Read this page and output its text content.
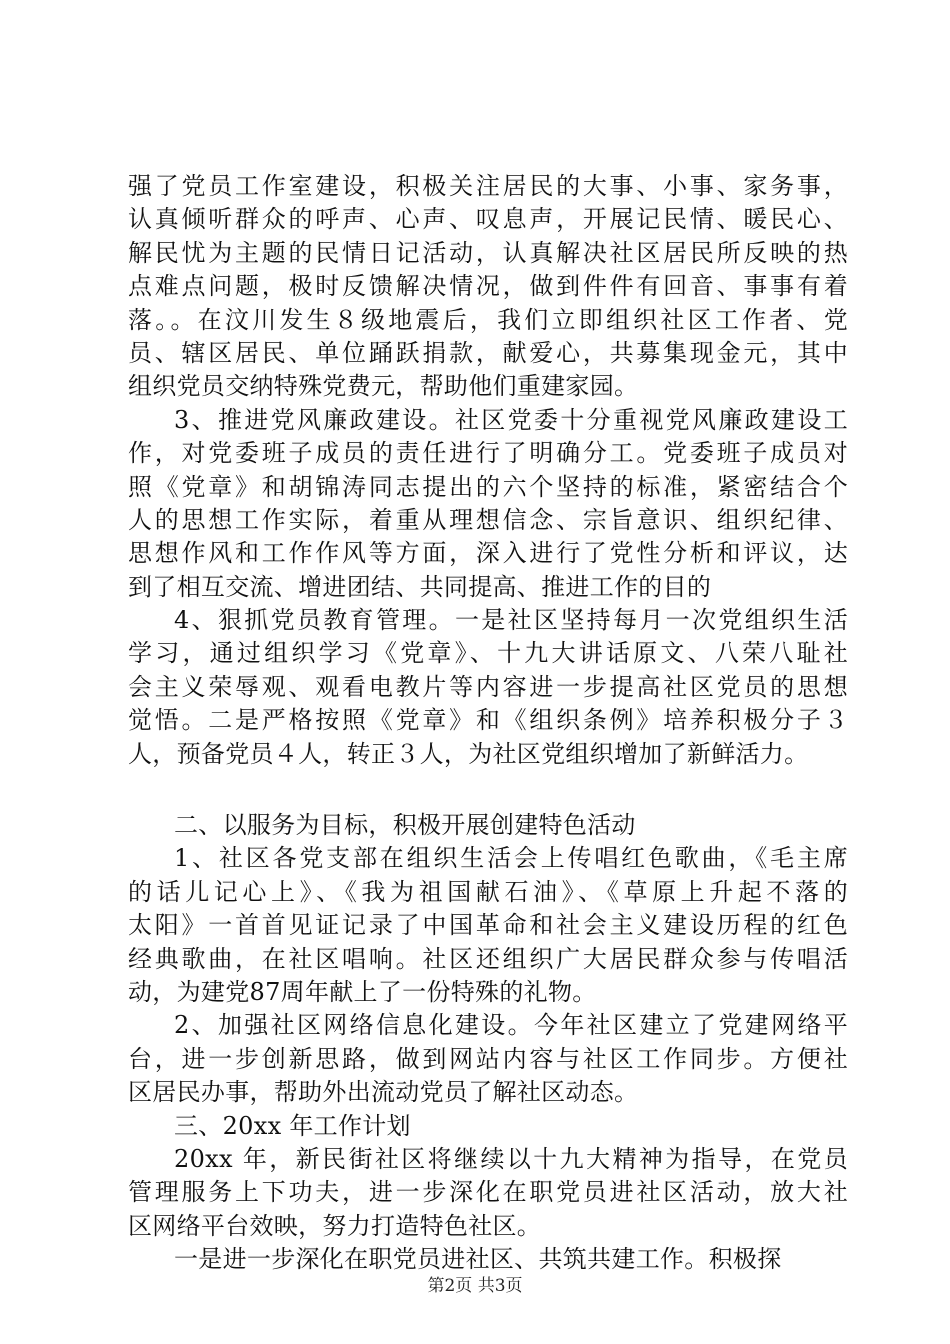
强了党员工作室建设，积极关注居民的大事、小事、家务事，
认真倾听群众的呼声、心声、叹息声，开展记民情、暖民心、
解民忧为主题的民情日记活动，认真解决社区居民所反映的热
点难点问题，极时反馈解决情况，做到件件有回音、事事有着
落。。在汶川发生８级地震后，我们立即组织社区工作者、党
员、辖区居民、单位踊跃捐款，献爱心，共募集现金元，其中
组织党员交纳特殊党费元，帮助他们重建家园。
3、推进党风廉政建设。社区党委十分重视党风廉政建设工
作，对党委班子成员的责任进行了明确分工。党委班子成员对
照《党章》和胡锦涛同志提出的六个坚持的标准，紧密结合个
人的思想工作实际，着重从理想信念、宗旨意识、组织纪律、
思想作风和工作作风等方面，深入进行了党性分析和评议，达
到了相互交流、增进团结、共同提高、推进工作的目的
4、狠抓党员教育管理。一是社区坚持每月一次党组织生活
学习，通过组织学习《党章》、十九大讲话原文、八荣八耻社
会主义荣辱观、观看电教片等内容进一步提高社区党员的思想
觉悟。二是严格按照《党章》和《组织条例》培养积极分子３
人，预备党员４人，转正３人，为社区党组织增加了新鲜活力。
二、以服务为目标，积极开展创建特色活动
1、社区各党支部在组织生活会上传唱红色歌曲，《毛主席
的话儿记心上》、《我为祖国献石油》、《草原上升起不落的
太阳》一首首见证记录了中国革命和社会主义建设历程的红色
经典歌曲，在社区唱响。社区还组织广大居民群众参与传唱活
动，为建党87周年献上了一份特殊的礼物。
2、加强社区网络信息化建设。今年社区建立了党建网络平
台，进一步创新思路，做到网站内容与社区工作同步。方便社
区居民办事，帮助外出流动党员了解社区动态。
三、20xx 年工作计划
20xx 年，新民街社区将继续以十九大精神为指导，在党员
管理服务上下功夫，进一步深化在职党员进社区活动，放大社
区网络平台效映，努力打造特色社区。
一是进一步深化在职党员进社区、共筑共建工作。积极探
第2页 共3页
